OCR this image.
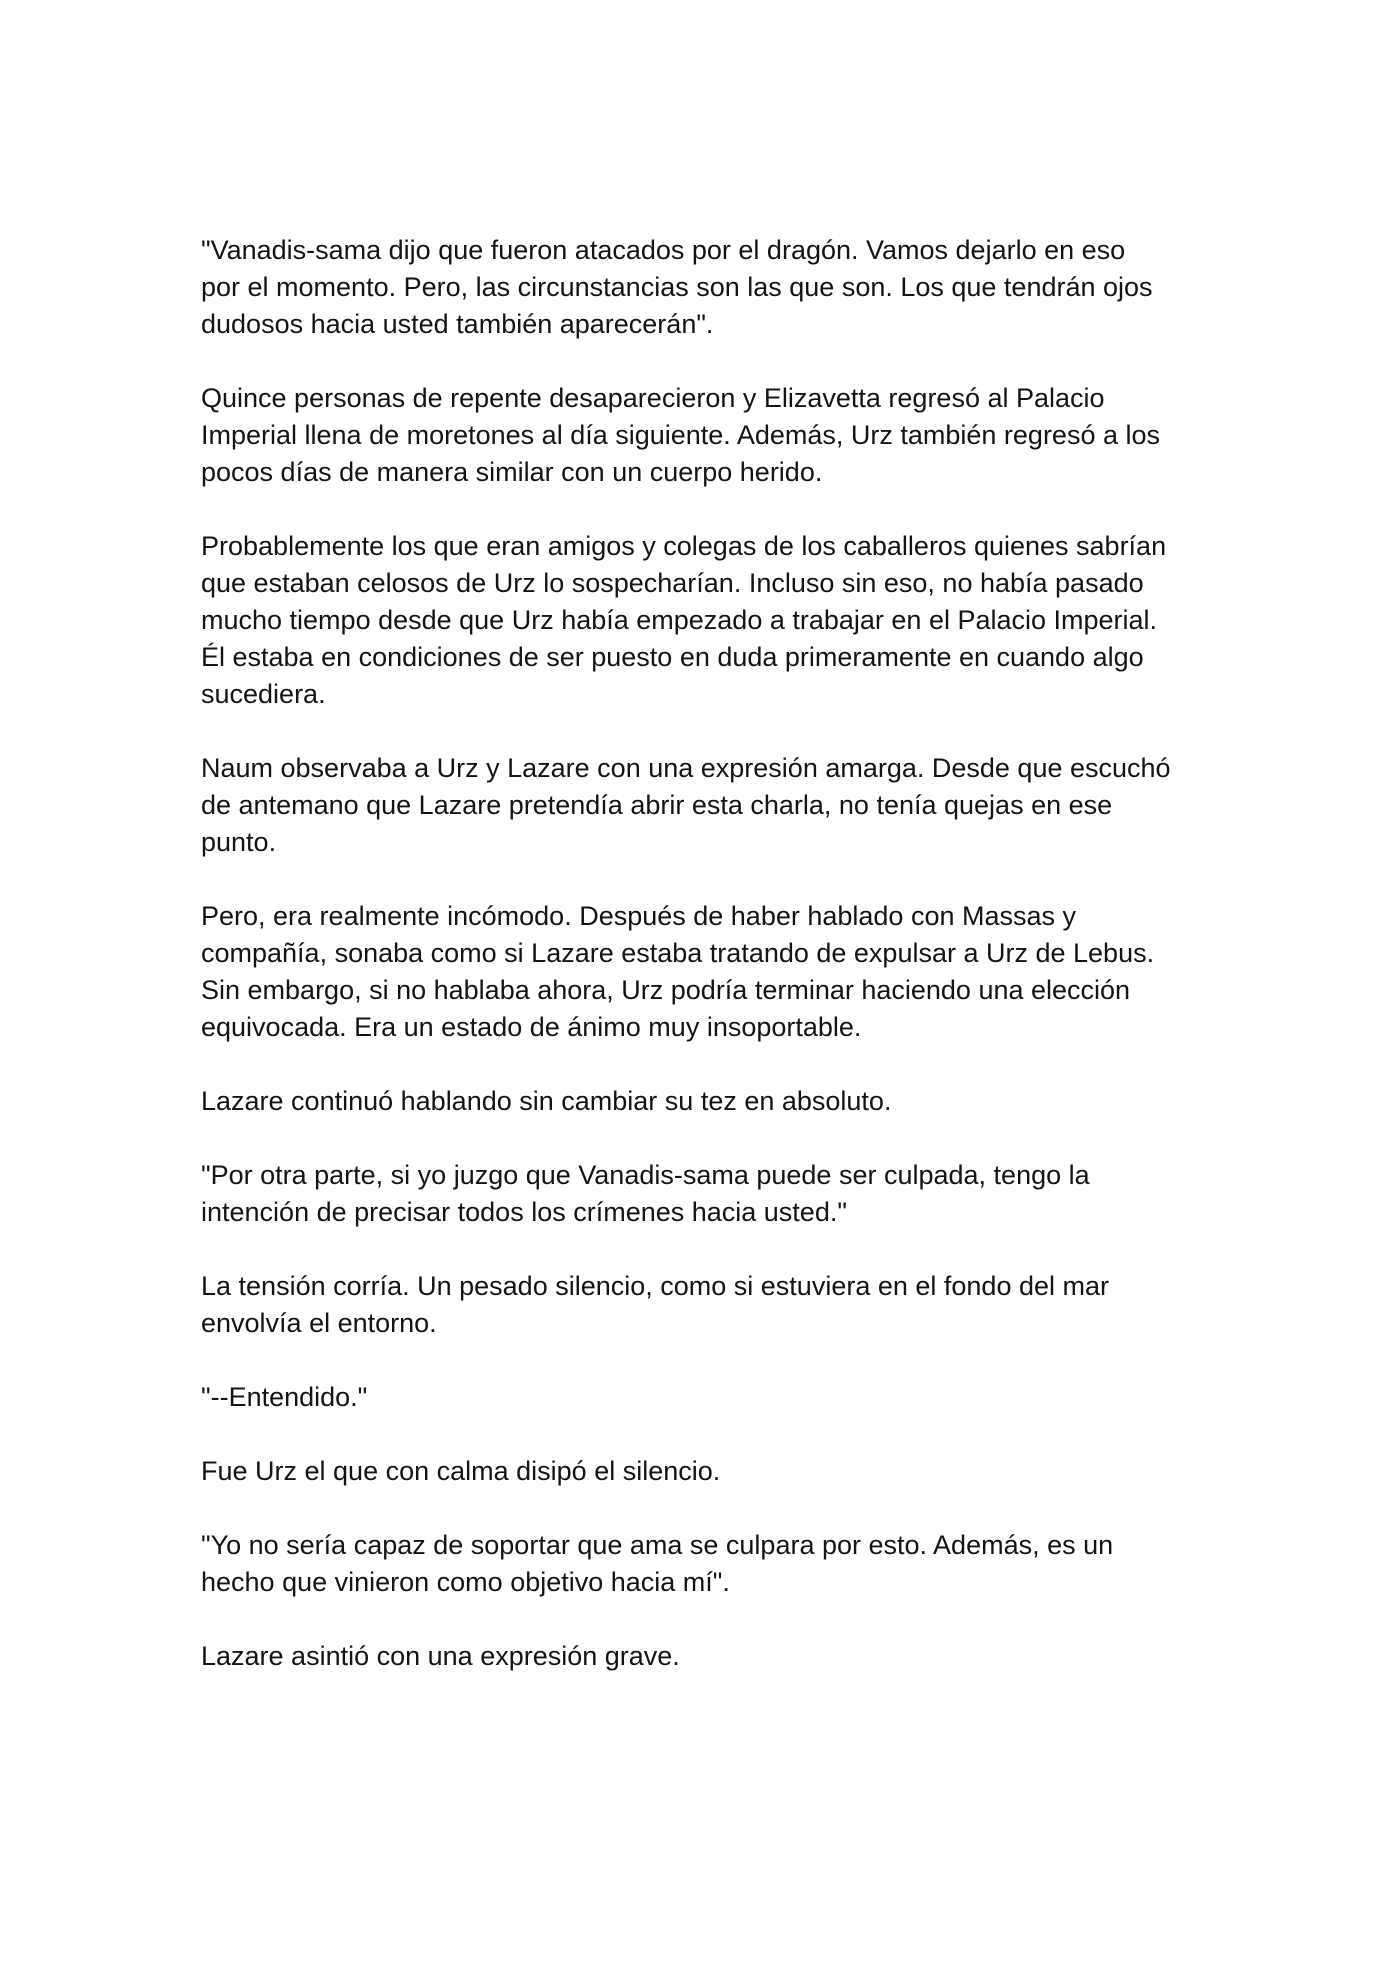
"Vanadis-sama dijo que fueron atacados por el dragón. Vamos dejarlo en eso
por el momento. Pero, las circunstancias son las que son. Los que tendrán ojos
dudosos hacia usted también aparecerán".

Quince personas de repente desaparecieron y Elizavetta regresó al Palacio
Imperial llena de moretones al día siguiente. Además, Urz también regresó a los
pocos días de manera similar con un cuerpo herido.

Probablemente los que eran amigos y colegas de los caballeros quienes sabrían
que estaban celosos de Urz lo sospecharían. Incluso sin eso, no había pasado
mucho tiempo desde que Urz había empezado a trabajar en el Palacio Imperial.
Él estaba en condiciones de ser puesto en duda primeramente en cuando algo
sucediera.

Naum observaba a Urz y Lazare con una expresión amarga. Desde que escuchó
de antemano que Lazare pretendía abrir esta charla, no tenía quejas en ese
punto.

Pero, era realmente incómodo. Después de haber hablado con Massas y
compañía, sonaba como si Lazare estaba tratando de expulsar a Urz de Lebus.
Sin embargo, si no hablaba ahora, Urz podría terminar haciendo una elección
equivocada. Era un estado de ánimo muy insoportable.

Lazare continuó hablando sin cambiar su tez en absoluto.

"Por otra parte, si yo juzgo que Vanadis-sama puede ser culpada, tengo la
intención de precisar todos los crímenes hacia usted."

La tensión corría. Un pesado silencio, como si estuviera en el fondo del mar
envolvía el entorno.

"--Entendido."

Fue Urz el que con calma disipó el silencio.

"Yo no sería capaz de soportar que ama se culpara por esto. Además, es un
hecho que vinieron como objetivo hacia mí".

Lazare asintió con una expresión grave.
